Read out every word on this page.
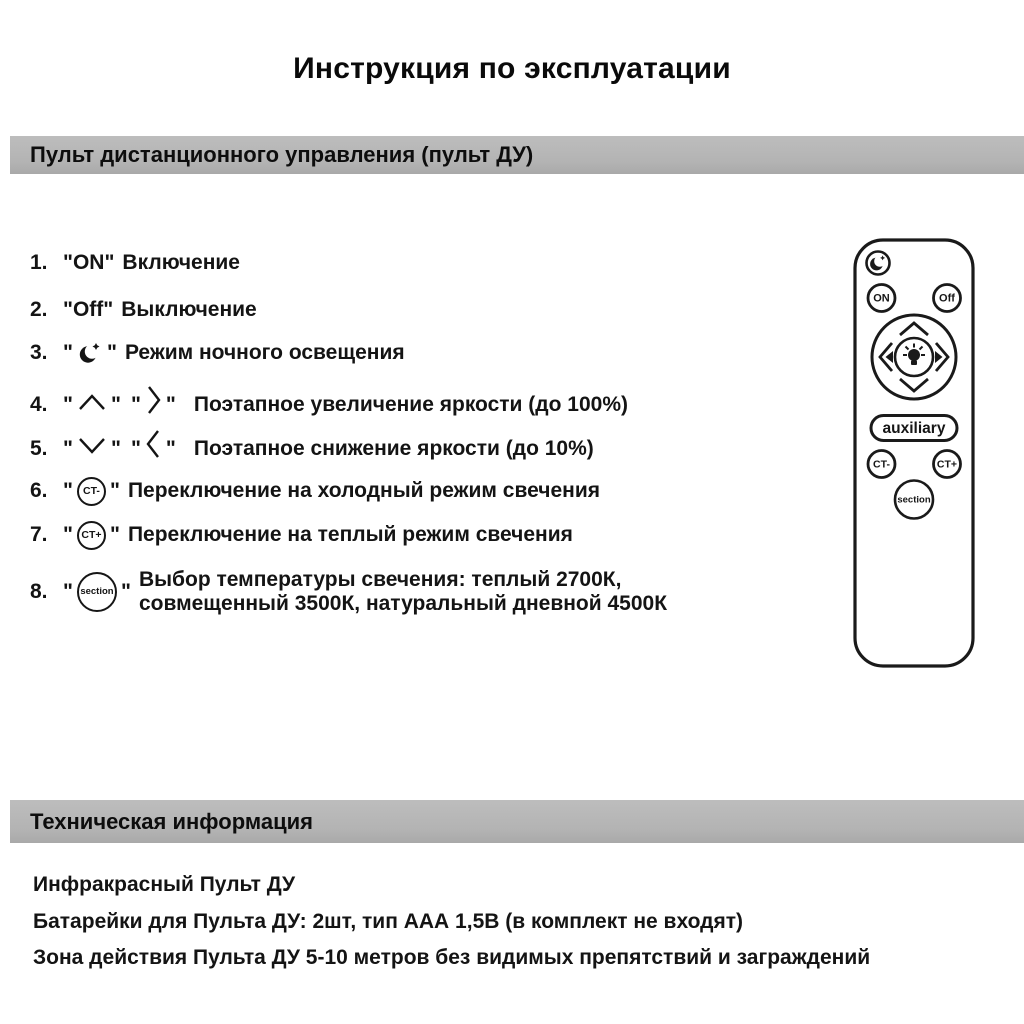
Инструкция по эксплуатации
Пульт дистанционного управления (пульт ДУ)
1. "ON" Включение
2. "Off" Выключение
3. " " Режим ночного освещения
4. " " " " Поэтапное увеличение яркости (до 100%)
5. " " " " Поэтапное снижение яркости (до 10%)
6. " CT- " Переключение на холодный режим свечения
7. " CT+ " Переключение на теплый режим свечения
8. " section "
Выбор температуры свечения: теплый 2700К,
совмещенный 3500К, натуральный дневной 4500К
ON	Off
auxiliary
CT-	CT+
section
Техническая информация
Инфракрасный Пульт ДУ
Батарейки для Пульта ДУ: 2шт, тип ААА 1,5В (в комплект не входят)
Зона действия Пульта ДУ 5-10 метров без видимых препятствий и заграждений
